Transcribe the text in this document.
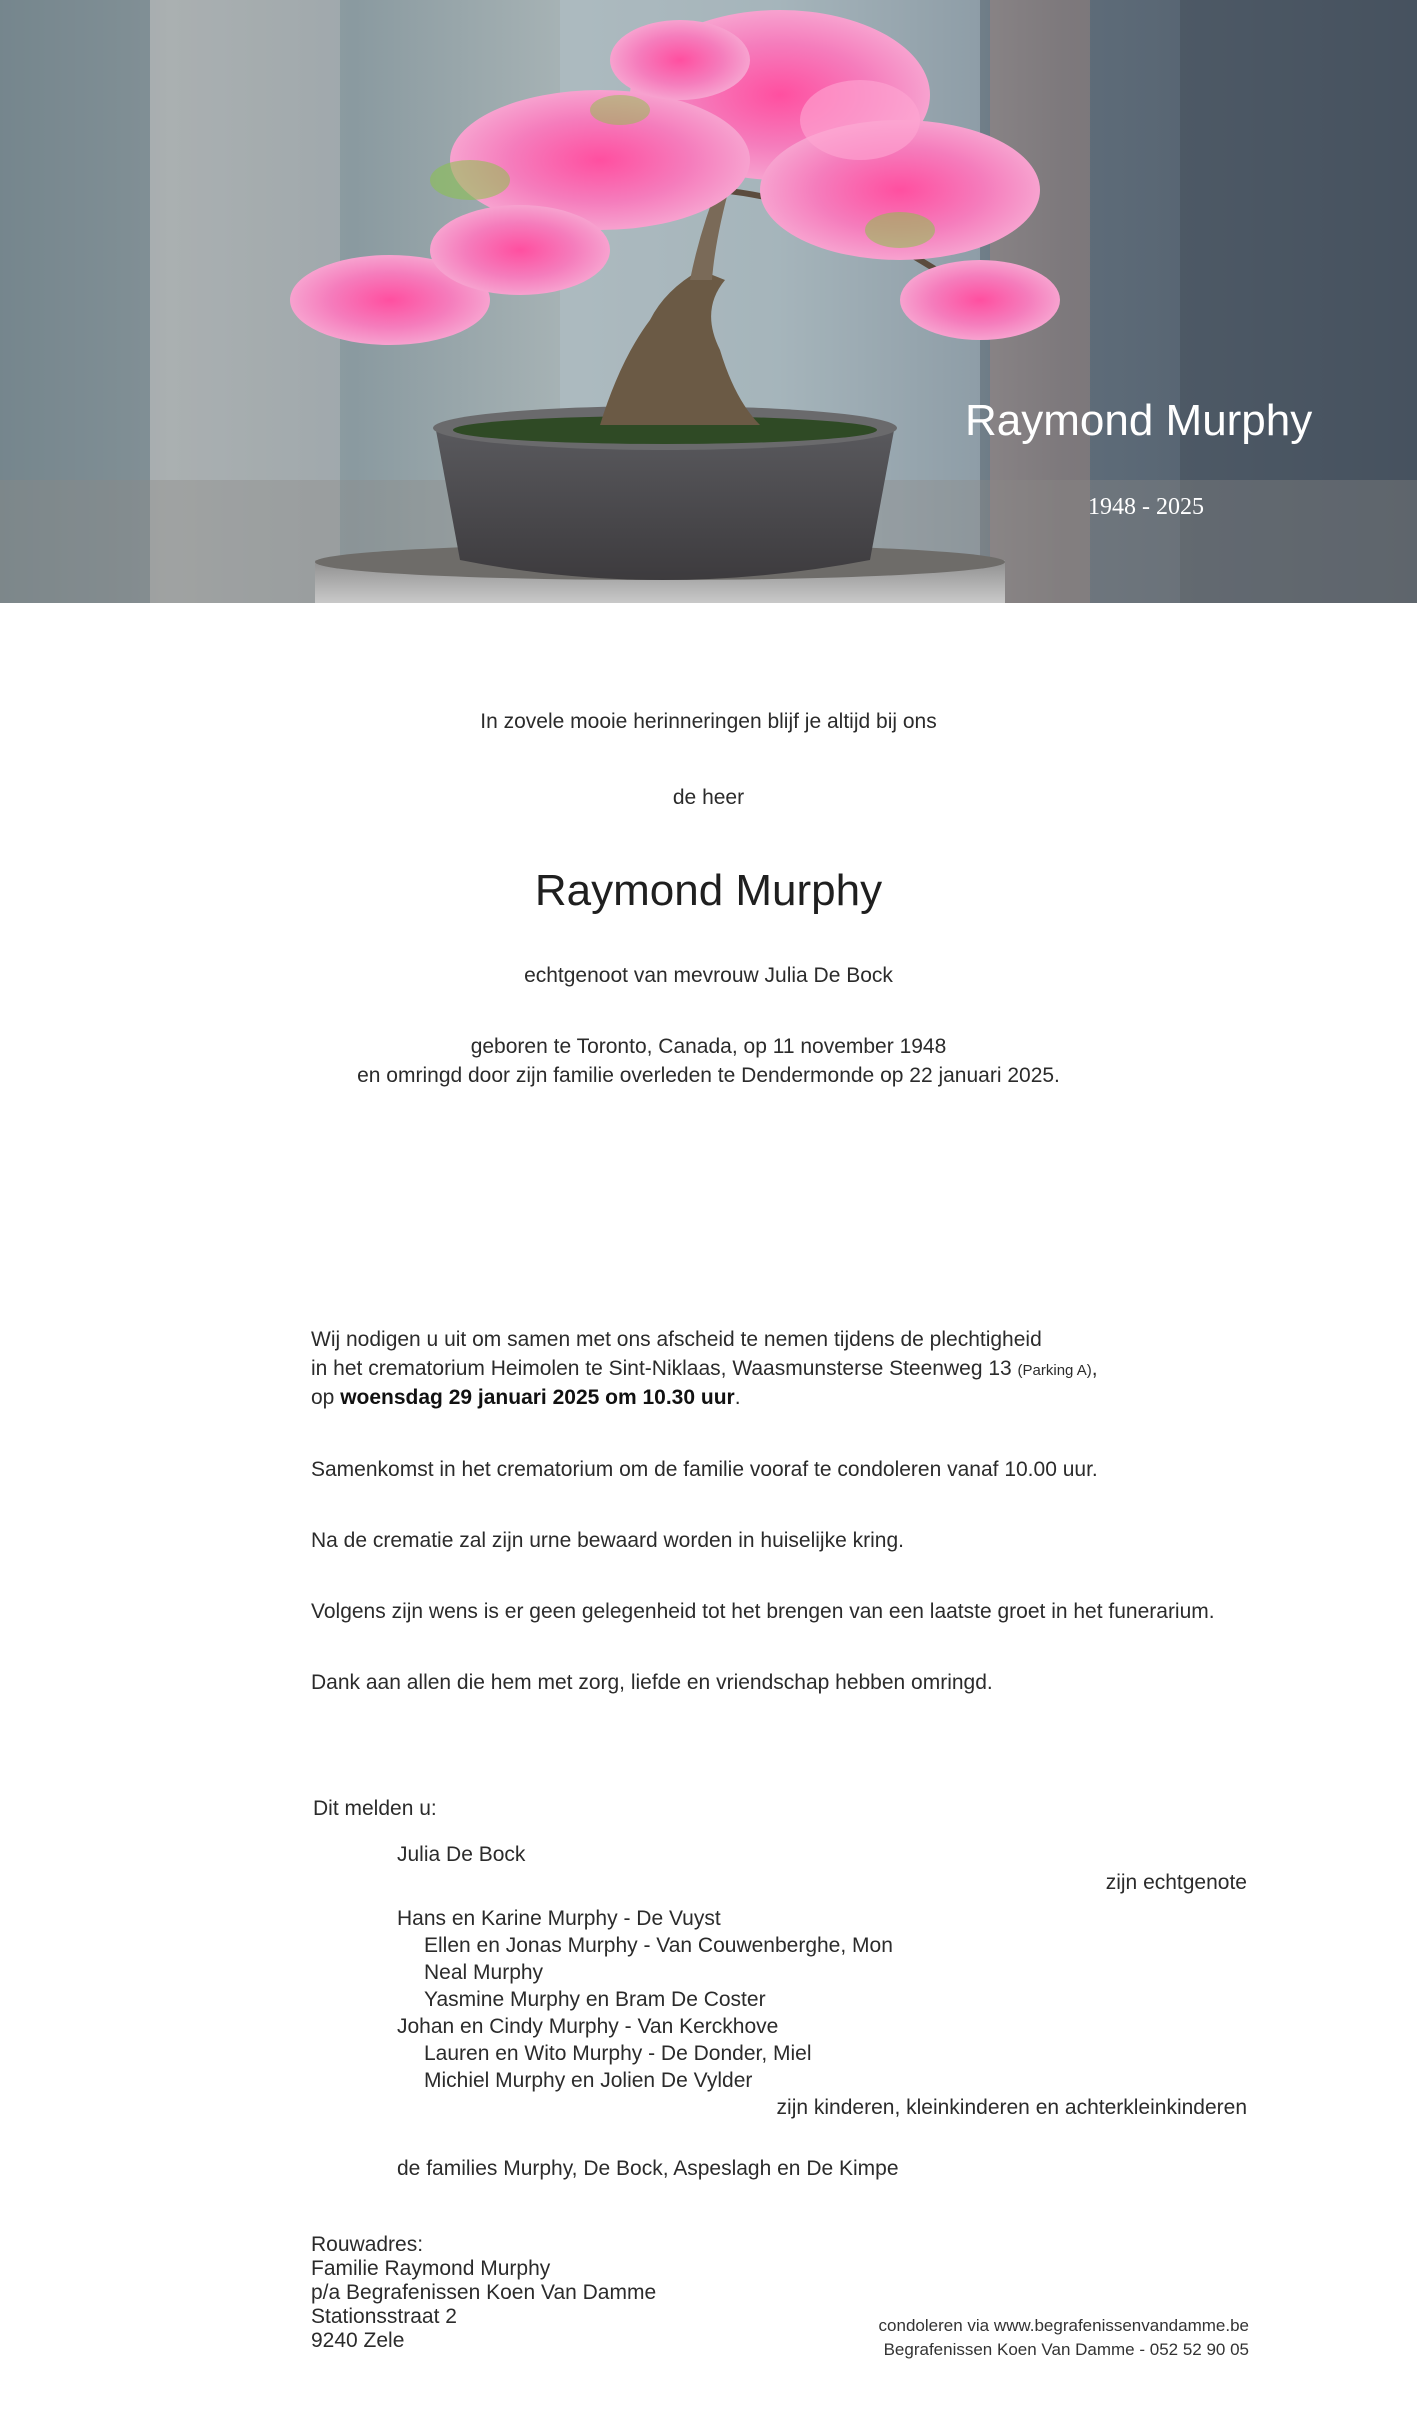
Raymond Murphy
1948 - 2025
In zovele mooie herinneringen blijf je altijd bij ons
de heer
Raymond Murphy
echtgenoot van mevrouw Julia De Bock
geboren te Toronto, Canada, op 11 november 1948
en omringd door zijn familie overleden te Dendermonde op 22 januari 2025.
Wij nodigen u uit om samen met ons afscheid te nemen tijdens de plechtigheid
in het crematorium Heimolen te Sint-Niklaas, Waasmunsterse Steenweg 13 (Parking A),
op woensdag 29 januari 2025 om 10.30 uur.
Samenkomst in het crematorium om de familie vooraf te condoleren vanaf 10.00 uur.
Na de crematie zal zijn urne bewaard worden in huiselijke kring.
Volgens zijn wens is er geen gelegenheid tot het brengen van een laatste groet in het funerarium.
Dank aan allen die hem met zorg, liefde en vriendschap hebben omringd.
Dit melden u:
Julia De Bock
zijn echtgenote
Hans en Karine Murphy - De Vuyst
Ellen en Jonas Murphy - Van Couwenberghe, Mon
Neal Murphy
Yasmine Murphy en Bram De Coster
Johan en Cindy Murphy - Van Kerckhove
Lauren en Wito Murphy - De Donder, Miel
Michiel Murphy en Jolien De Vylder
zijn kinderen, kleinkinderen en achterkleinkinderen
de families Murphy, De Bock, Aspeslagh en De Kimpe
Rouwadres:
Familie Raymond Murphy
p/a Begrafenissen Koen Van Damme
Stationsstraat 2
9240 Zele
condoleren via www.begrafenissenvandamme.be
Begrafenissen Koen Van Damme - 052 52 90 05
